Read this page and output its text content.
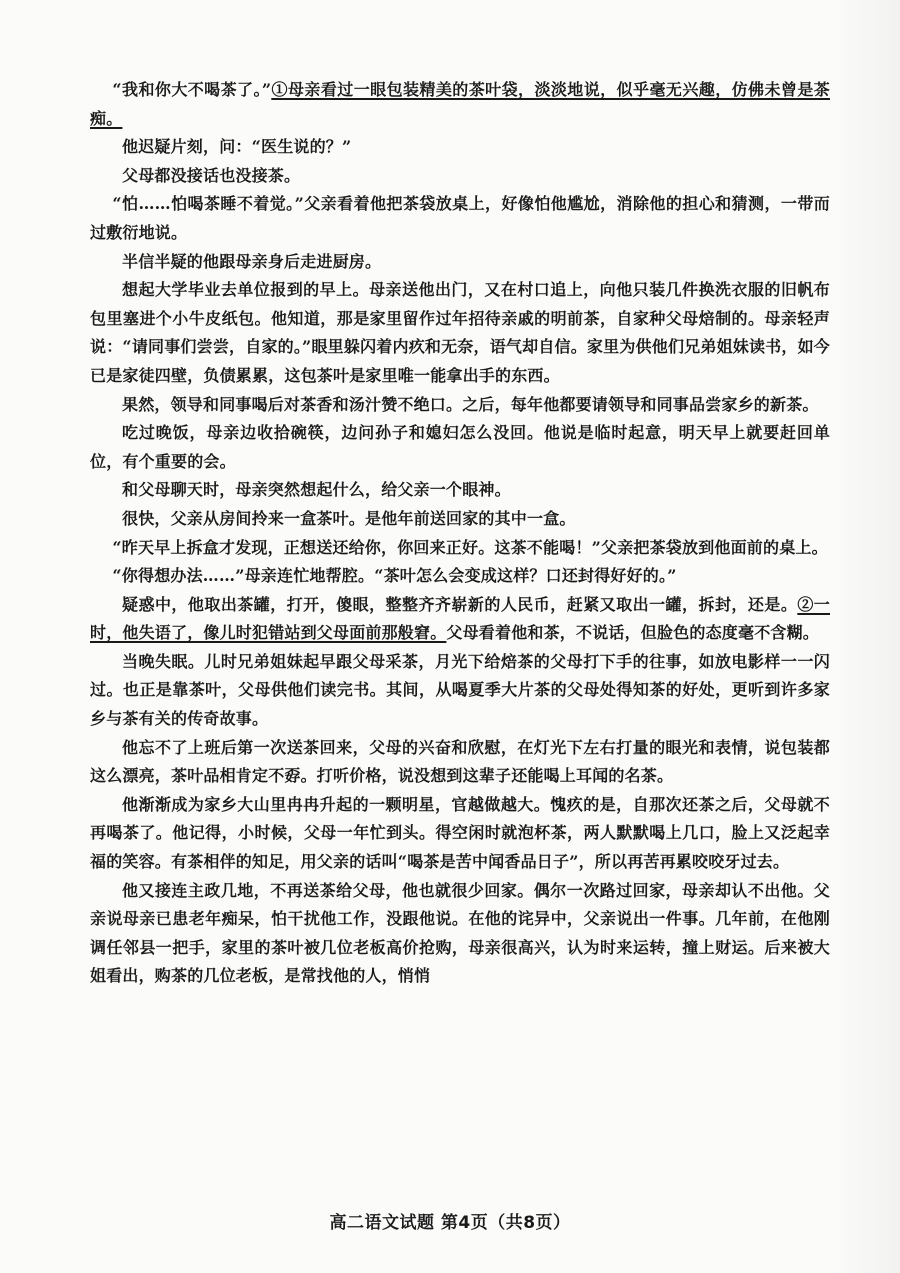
“我和你大不喝茶了。”①母亲看过一眼包装精美的茶叶袋，淡淡地说，似乎毫无兴趣，仿佛未曾是茶痴。

他迟疑片刻，问：“医生说的？”

父母都没接话也没接茶。

“怕……怕喝茶睡不着觉。”父亲看着他把茶袋放桌上，好像怕他尴尬，消除他的担心和猜测，一带而过敷衍地说。

半信半疑的他跟母亲身后走进厨房。

想起大学毕业去单位报到的早上。母亲送他出门，又在村口追上，向他只装几件换洗衣服的旧帆布包里塞进个小牛皮纸包。他知道，那是家里留作过年招待亲戚的明前茶，自家种父母焙制的。母亲轻声说：“请同事们尝尝，自家的。”眼里躲闪着内疚和无奈，语气却自信。家里为供他们兄弟姐妹读书，如今已是家徒四壁，负债累累，这包茶叶是家里唯一能拿出手的东西。

果然，领导和同事喝后对茶香和汤汁赞不绝口。之后，每年他都要请领导和同事品尝家乡的新茶。

吃过晚饭，母亲边收拾碗筷，边问孙子和媳妇怎么没回。他说是临时起意，明天早上就要赶回单位，有个重要的会。

和父母聊天时，母亲突然想起什么，给父亲一个眼神。

很快，父亲从房间拎来一盒茶叶。是他年前送回家的其中一盒。

“昨天早上拆盒才发现，正想送还给你，你回来正好。这茶不能喝！”父亲把茶袋放到他面前的桌上。

“你得想办法……”母亲连忙地帮腔。“茶叶怎么会变成这样？口还封得好好的。”

疑惑中，他取出茶罐，打开，傻眼，整整齐齐崭新的人民币，赶紧又取出一罐，拆封，还是。②一时，他失语了，像儿时犯错站到父母面前那般窘。父母看着他和茶，不说话，但脸色的态度毫不含糊。

当晚失眠。儿时兄弟姐妹起早跟父母采茶，月光下给焙茶的父母打下手的往事，如放电影样一一闪过。也正是靠茶叶，父母供他们读完书。其间，从喝夏季大片茶的父母处得知茶的好处，更听到许多家乡与茶有关的传奇故事。

他忘不了上班后第一次送茶回来，父母的兴奋和欣慰，在灯光下左右打量的眼光和表情，说包装都这么漂亮，茶叶品相肯定不孬。打听价格，说没想到这辈子还能喝上耳闻的名茶。

他渐渐成为家乡大山里冉冉升起的一颗明星，官越做越大。愧疚的是，自那次还茶之后，父母就不再喝茶了。他记得，小时候，父母一年忙到头。得空闲时就泡杯茶，两人默默喝上几口，脸上又泛起幸福的笑容。有茶相伴的知足，用父亲的话叫“喝茶是苦中闻香品日子”，所以再苦再累咬咬牙过去。

他又接连主政几地，不再送茶给父母，他也就很少回家。偶尔一次路过回家，母亲却认不出他。父亲说母亲已患老年痴呆，怕干扰他工作，没跟他说。在他的诧异中，父亲说出一件事。几年前，在他刚调任邻县一把手，家里的茶叶被几位老板高价抢购，母亲很高兴，认为时来运转，撞上财运。后来被大姐看出，购茶的几位老板，是常找他的人，悄悄

高二语文试题 第4页（共8页）
